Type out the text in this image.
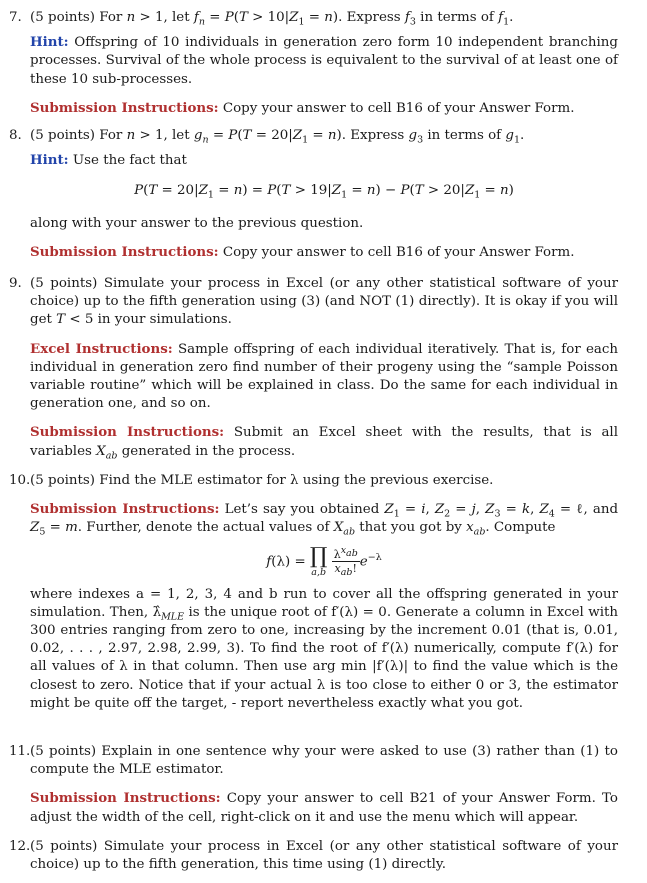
7. (5 points) For n > 1, let $f_n = P(T > 10|Z_1 = n)$. Express $f_3$ in terms of $f_1$.

Hint: Offspring of 10 individuals in generation zero form 10 independent branching processes. Survival of the whole process is equivalent to the survival of at least one of these 10 sub-processes.

Submission Instructions: Copy your answer to cell B16 of your Answer Form.

8. (5 points) For n > 1, let $g_n = P(T = 20|Z_1 = n)$. Express $g_3$ in terms of $g_1$.

Hint: Use the fact that

$P(T = 20|Z_1 = n) = P(T > 19|Z_1 = n) - P(T > 20|Z_1 = n)$

along with your answer to the previous question.

Submission Instructions: Copy your answer to cell B16 of your Answer Form.

9. (5 points) Simulate your process in Excel (or any other statistical software of your choice) up to the fifth generation using (3) (and NOT (1) directly). It is okay if you will get T < 5 in your simulations.

Excel Instructions: Sample offspring of each individual iteratively. That is, for each individual in generation zero find number of their progeny using the “sample Poisson variable routine” which will be explained in class. Do the same for each individual in generation one, and so on.

Submission Instructions: Submit an Excel sheet with the results, that is all variables $X_{ab}$ generated in the process.

10. (5 points) Find the MLE estimator for λ using the previous exercise.

Submission Instructions: Let’s say you obtained $Z_1 = i$, $Z_2 = j$, $Z_3 = k$, $Z_4$ = ℓ, and $Z_5 = m$. Further, denote the actual values of $X_{ab}$ that you got by $x_{ab}$. Compute

f(λ) = ∏
a,b
$\frac{\lambda^{x_{ab}}}{x_{ab}!} e^{-\lambda}$

where indexes a = 1, 2, 3, 4 and b run to cover all the offspring generated in your simulation. Then, $\lambdâ_{MLE}$ is the unique root of f′(λ) = 0. Generate a column in Excel with 300 entries ranging from zero to one, increasing by the increment 0.01 (that is, 0.01, 0.02, . . . , 2.97, 2.98, 2.99, 3). To find the root of f′(λ) numerically, compute f′(λ) for all values of λ in that column. Then use arg min |f′(λ)| to find the value which is the closest to zero. Notice that if your actual λ is too close to either 0 or 3, the estimator might be quite off the target, - report nevertheless exactly what you got.

11. (5 points) Explain in one sentence why your were asked to use (3) rather than (1) to compute the MLE estimator.

Submission Instructions: Copy your answer to cell B21 of your Answer Form. To adjust the width of the cell, right-click on it and use the menu which will appear.

12. (5 points) Simulate your process in Excel (or any other statistical software of your choice) up to the fifth generation, this time using (1) directly.
